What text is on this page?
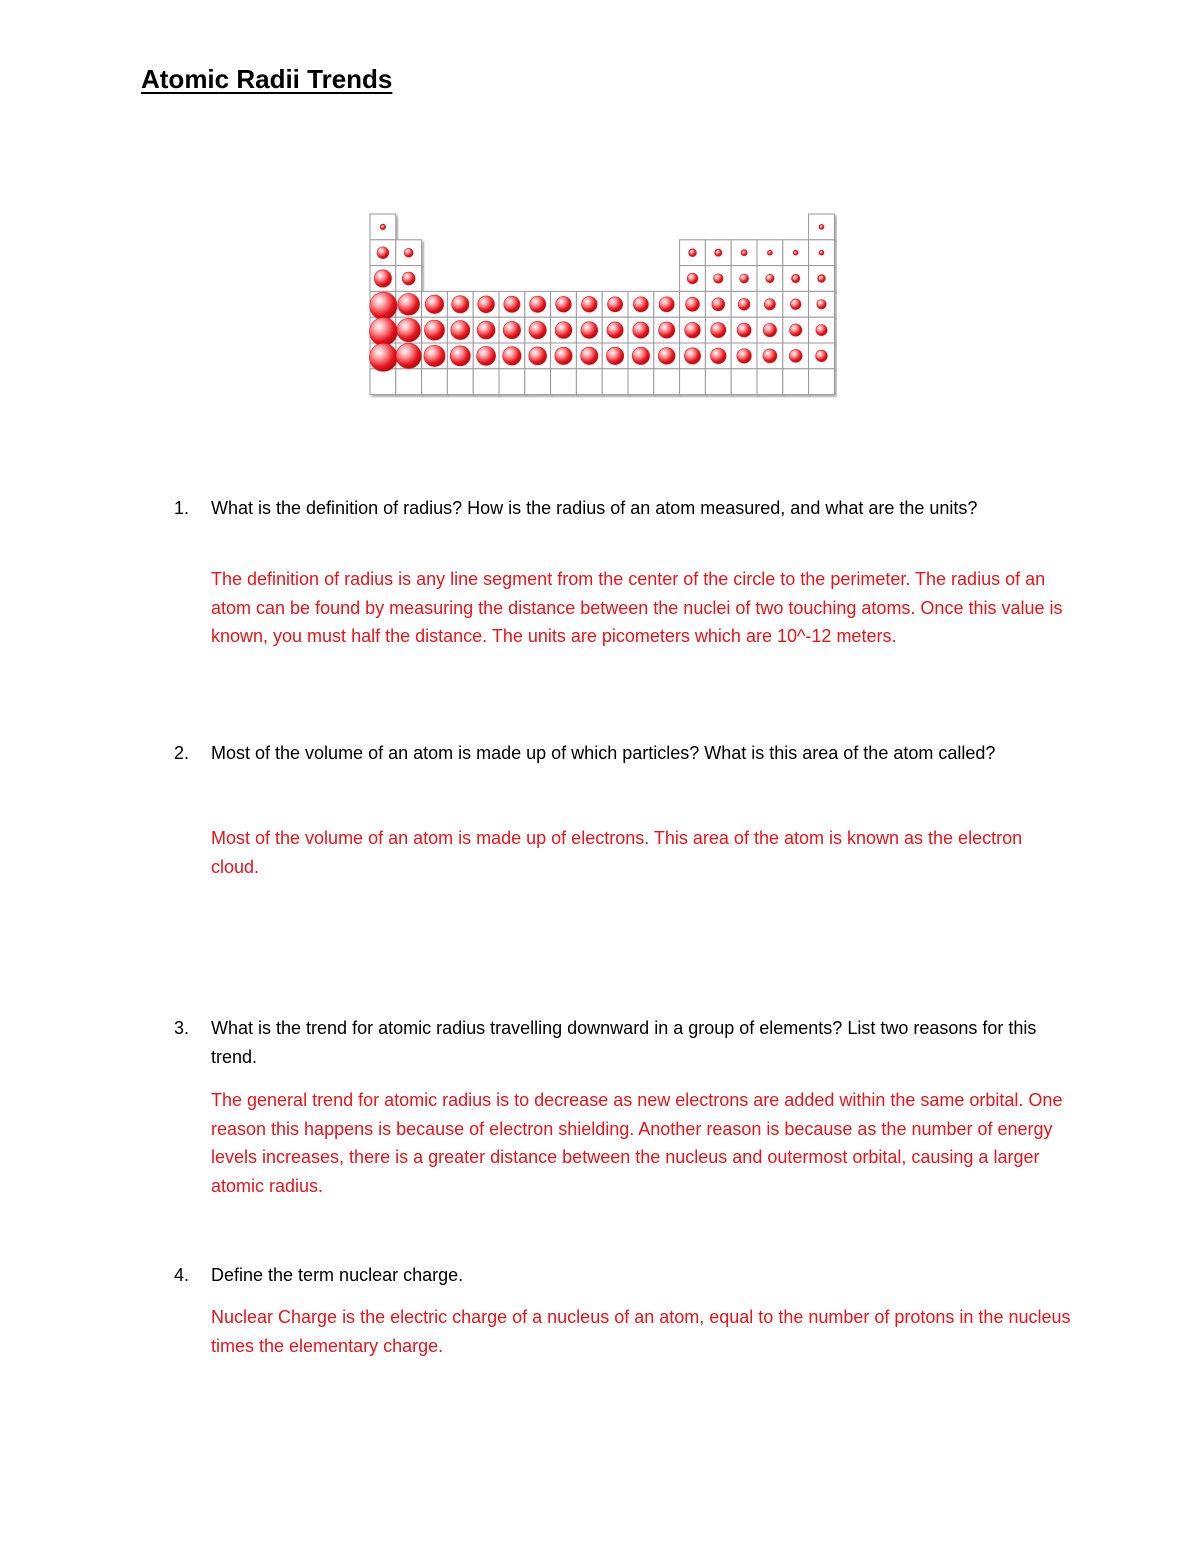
Atomic Radii Trends
1. What is the definition of radius? How is the radius of an atom measured, and what are the units?

The definition of radius is any line segment from the center of the circle to the perimeter. The radius of an atom can be found by measuring the distance between the nuclei of two touching atoms. Once this value is known, you must half the distance. The units are picometers which are 10^-12 meters.

2. Most of the volume of an atom is made up of which particles? What is this area of the atom called?

Most of the volume of an atom is made up of electrons. This area of the atom is known as the electron cloud.

3. What is the trend for atomic radius travelling downward in a group of elements? List two reasons for this trend.

The general trend for atomic radius is to decrease as new electrons are added within the same orbital. One reason this happens is because of electron shielding. Another reason is because as the number of energy levels increases, there is a greater distance between the nucleus and outermost orbital, causing a larger atomic radius.

4. Define the term nuclear charge.

Nuclear Charge is the electric charge of a nucleus of an atom, equal to the number of protons in the nucleus times the elementary charge.
